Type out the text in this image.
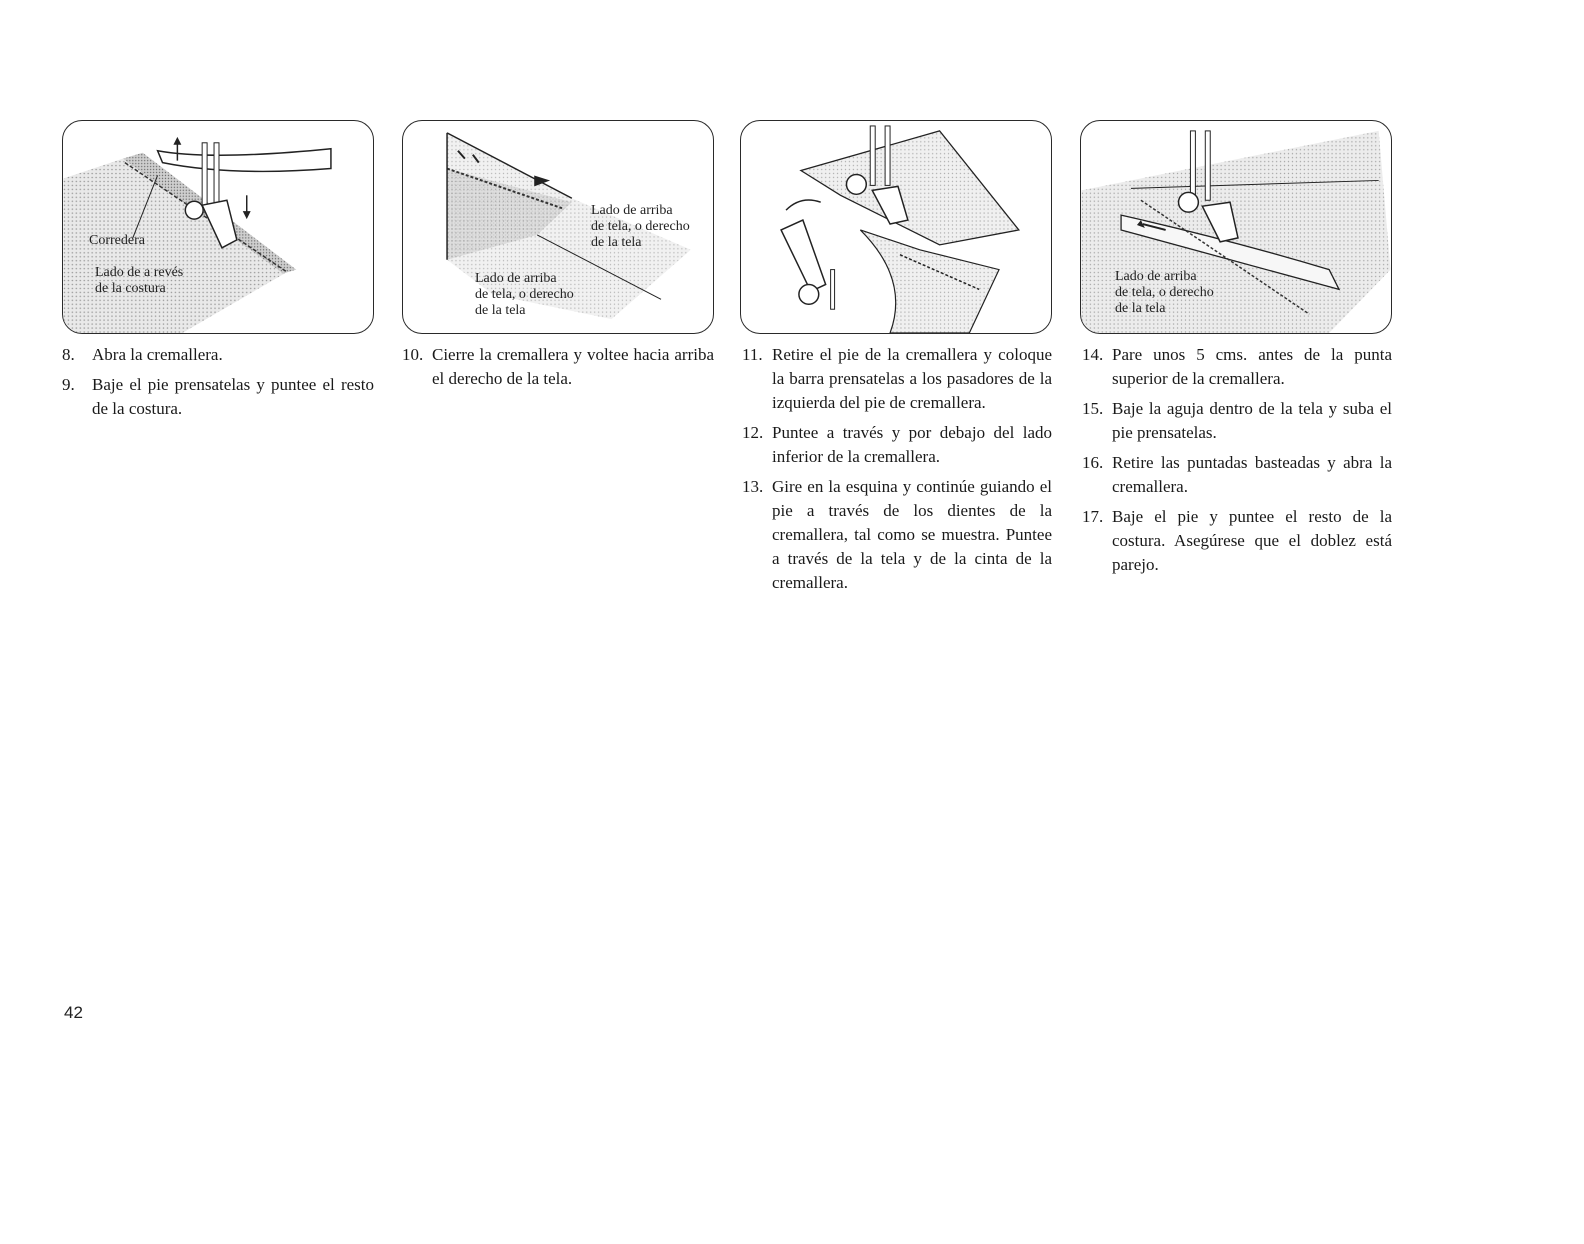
Corredera
Lado de a revés
de la costura
Lado de arriba
de tela, o derecho
de la tela
Lado de arriba
de tela, o derecho
de la tela
Lado de arriba
de tela, o derecho
de la tela
8. Abra la cremallera.
9. Baje el pie prensatelas y puntee el resto de la costura.
10. Cierre la cremallera y voltee hacia arriba el derecho de la tela.
11. Retire el pie de la cremallera y coloque la barra prensatelas a los pasadores de la izquierda del pie de cremallera.
12. Puntee a través y por debajo del lado inferior de la cremallera.
13. Gire en la esquina y continúe guiando el pie a través de los dientes de la cremallera, tal como se muestra. Puntee a través de la tela y de la cinta de la cremallera.
14. Pare unos 5 cms. antes de la punta superior de la cremallera.
15. Baje la aguja dentro de la tela y suba el pie prensatelas.
16. Retire las puntadas basteadas y abra la cremallera.
17. Baje el pie y puntee el resto de la costura. Asegúrese que el doblez está parejo.
42
